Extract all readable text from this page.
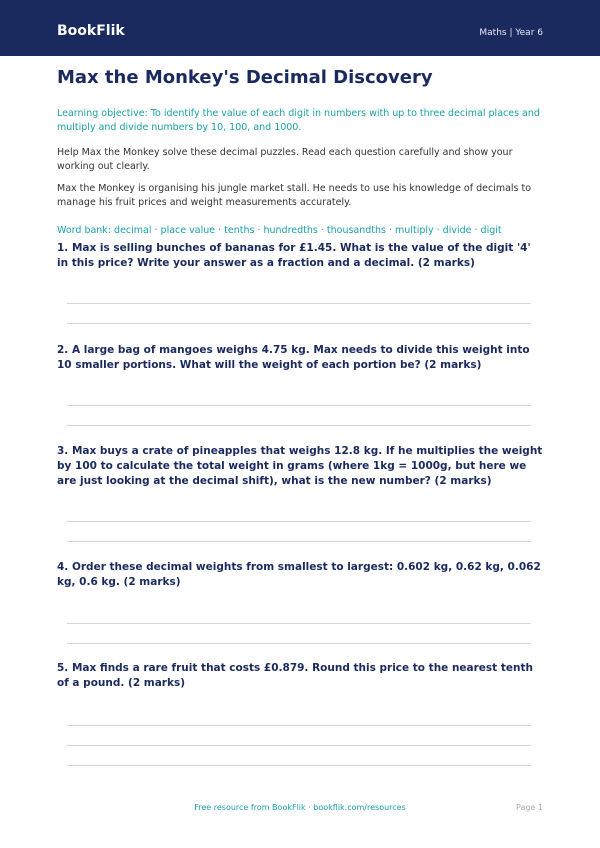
BookFlik	Maths | Year 6
Max the Monkey's Decimal Discovery

Learning objective: To identify the value of each digit in numbers with up to three decimal places and multiply and divide numbers by 10, 100, and 1000.

Help Max the Monkey solve these decimal puzzles. Read each question carefully and show your working out clearly.

Max the Monkey is organising his jungle market stall. He needs to use his knowledge of decimals to manage his fruit prices and weight measurements accurately.

Word bank: decimal · place value · tenths · hundredths · thousandths · multiply · divide · digit

1. Max is selling bunches of bananas for £1.45. What is the value of the digit '4' in this price? Write your answer as a fraction and a decimal. (2 marks)
2. A large bag of mangoes weighs 4.75 kg. Max needs to divide this weight into 10 smaller portions. What will the weight of each portion be? (2 marks)
3. Max buys a crate of pineapples that weighs 12.8 kg. If he multiplies the weight by 100 to calculate the total weight in grams (where 1kg = 1000g, but here we are just looking at the decimal shift), what is the new number? (2 marks)
4. Order these decimal weights from smallest to largest: 0.602 kg, 0.62 kg, 0.062 kg, 0.6 kg. (2 marks)
5. Max finds a rare fruit that costs £0.879. Round this price to the nearest tenth of a pound. (2 marks)
Free resource from BookFlik · bookflik.com/resources	Page 1
